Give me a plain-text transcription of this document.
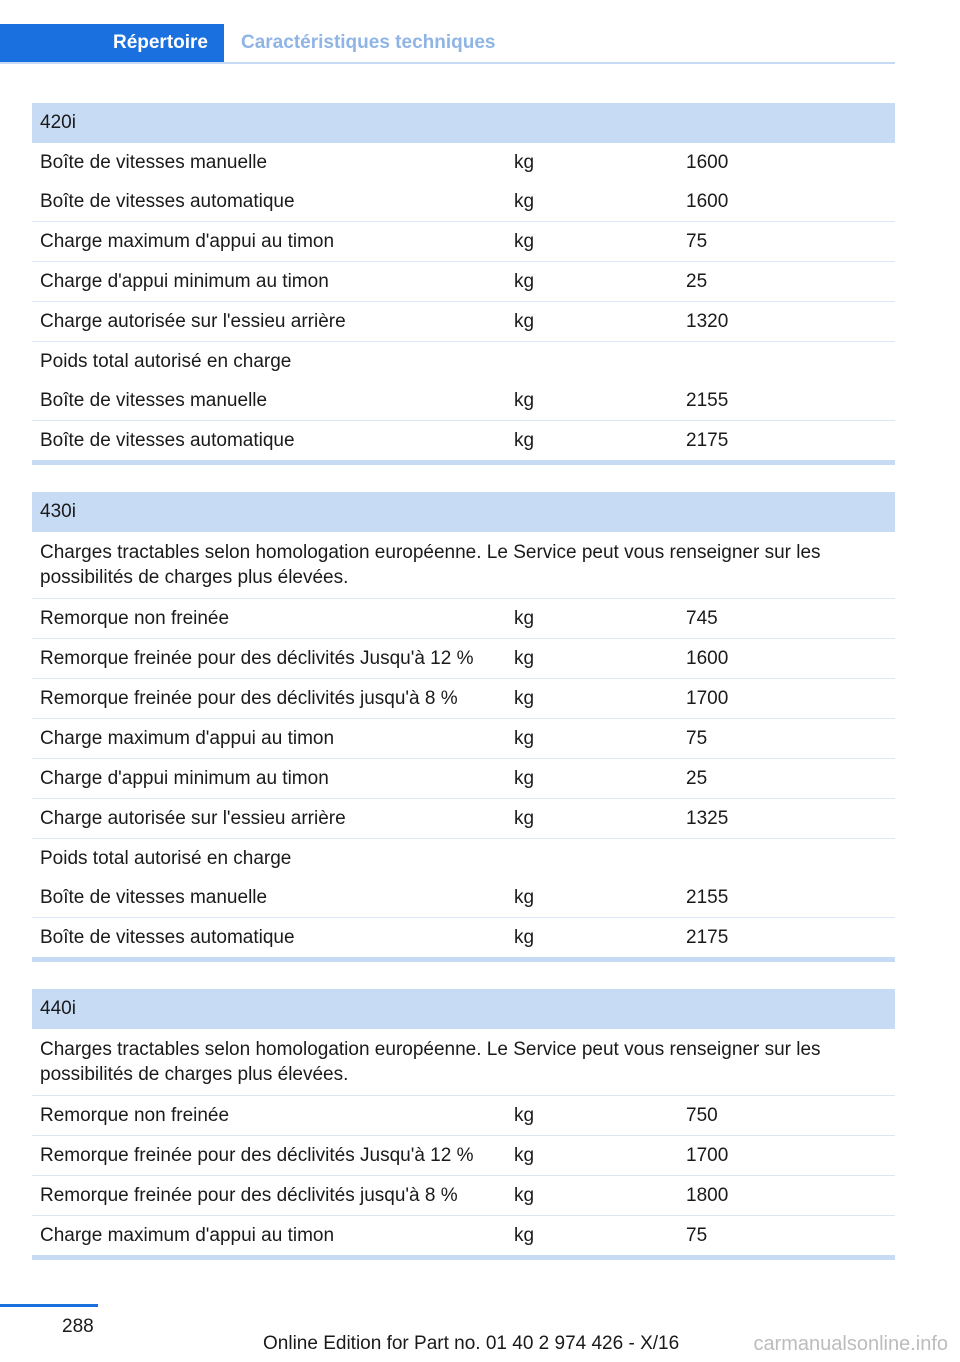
Répertoire	Caractéristiques techniques
420i
Boîte de vitesses manuelle	kg	1600
Boîte de vitesses automatique	kg	1600
Charge maximum d'appui au timon	kg	75
Charge d'appui minimum au timon	kg	25
Charge autorisée sur l'essieu arrière	kg	1320
Poids total autorisé en charge
Boîte de vitesses manuelle	kg	2155
Boîte de vitesses automatique	kg	2175
430i
Charges tractables selon homologation européenne. Le Service peut vous renseigner sur les possibilités de charges plus élevées.
Remorque non freinée	kg	745
Remorque freinée pour des déclivités Jusqu'à 12 %	kg	1600
Remorque freinée pour des déclivités jusqu'à 8 %	kg	1700
Charge maximum d'appui au timon	kg	75
Charge d'appui minimum au timon	kg	25
Charge autorisée sur l'essieu arrière	kg	1325
Poids total autorisé en charge
Boîte de vitesses manuelle	kg	2155
Boîte de vitesses automatique	kg	2175
440i
Charges tractables selon homologation européenne. Le Service peut vous renseigner sur les possibilités de charges plus élevées.
Remorque non freinée	kg	750
Remorque freinée pour des déclivités Jusqu'à 12 %	kg	1700
Remorque freinée pour des déclivités jusqu'à 8 %	kg	1800
Charge maximum d'appui au timon	kg	75
288
Online Edition for Part no. 01 40 2 974 426 - X/16	carmanualsonline.info
